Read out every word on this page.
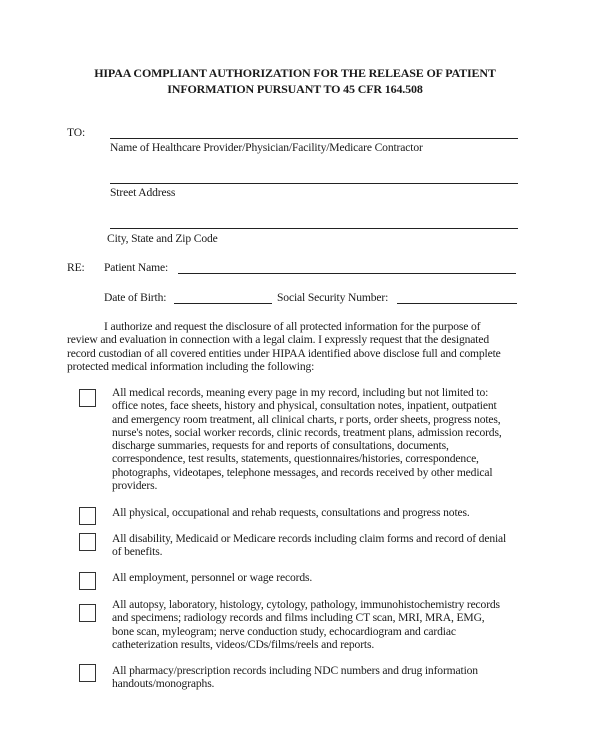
HIPAA COMPLIANT AUTHORIZATION FOR THE RELEASE OF PATIENT
INFORMATION PURSUANT TO 45 CFR 164.508
TO:
Name of Healthcare Provider/Physician/Facility/Medicare Contractor
Street Address
City, State and Zip Code
RE: Patient Name:
Date of Birth:	Social Security Number:
I authorize and request the disclosure of all protected information for the purpose of
review and evaluation in connection with a legal claim. I expressly request that the designated
record custodian of all covered entities under HIPAA identified above disclose full and complete
protected medical information including the following:
All medical records, meaning every page in my record, including but not limited to:
office notes, face sheets, history and physical, consultation notes, inpatient, outpatient
and emergency room treatment, all clinical charts, r ports, order sheets, progress notes,
nurse's notes, social worker records, clinic records, treatment plans, admission records,
discharge summaries, requests for and reports of consultations, documents,
correspondence, test results, statements, questionnaires/histories, correspondence,
photographs, videotapes, telephone messages, and records received by other medical
providers.
All physical, occupational and rehab requests, consultations and progress notes.
All disability, Medicaid or Medicare records including claim forms and record of denial
of benefits.
All employment, personnel or wage records.
All autopsy, laboratory, histology, cytology, pathology, immunohistochemistry records
and specimens; radiology records and films including CT scan, MRI, MRA, EMG,
bone scan, myleogram; nerve conduction study, echocardiogram and cardiac
catheterization results, videos/CDs/films/reels and reports.
All pharmacy/prescription records including NDC numbers and drug information
handouts/monographs.
